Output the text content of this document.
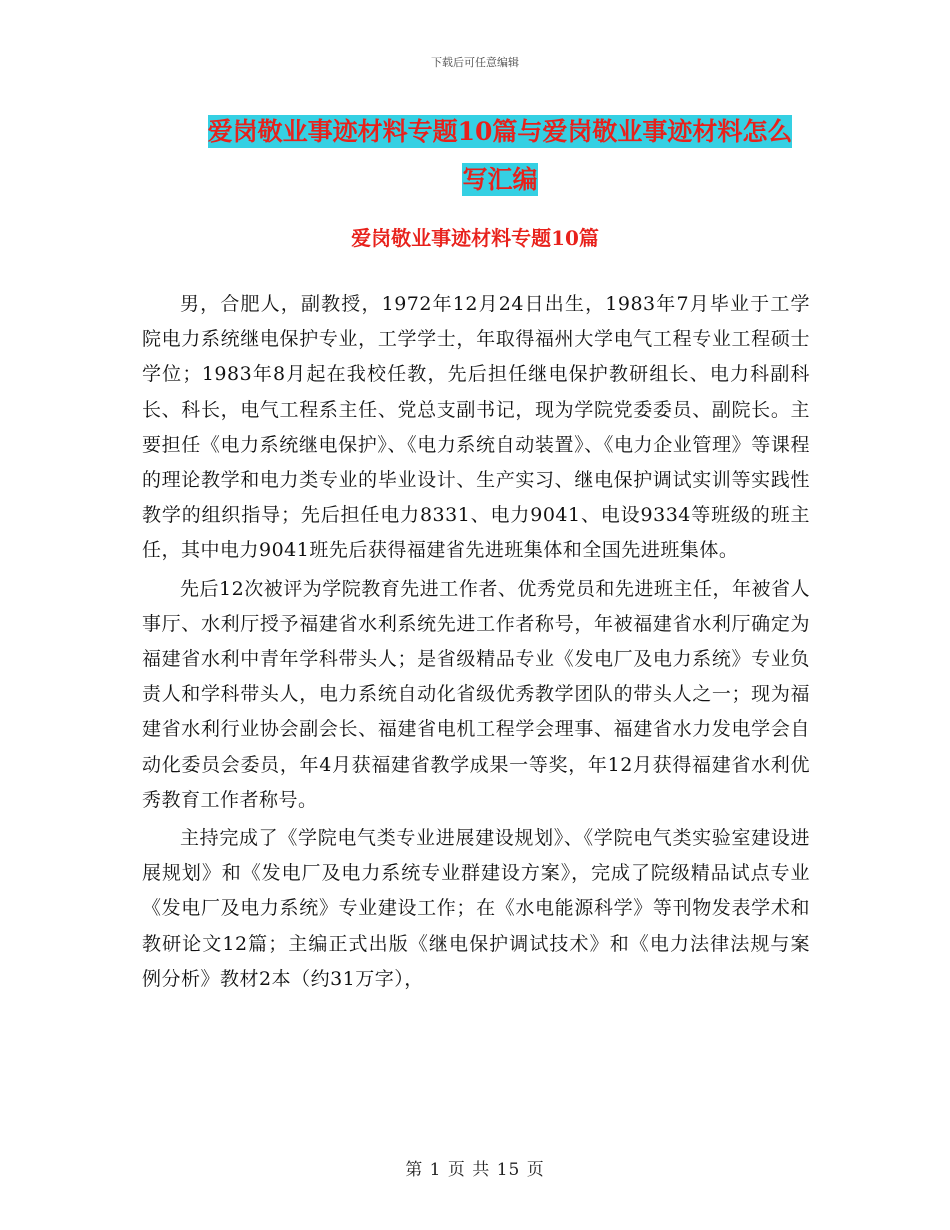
下载后可任意编辑
爱岗敬业事迹材料专题10篇与爱岗敬业事迹材料怎么
写汇编
爱岗敬业事迹材料专题10篇

男，合肥人，副教授，1972年12月24日出生，1983年7月毕业于工学院电力系统继电保护专业，工学学士，年取得福州大学电气工程专业工程硕士学位；1983年8月起在我校任教，先后担任继电保护教研组长、电力科副科长、科长，电气工程系主任、党总支副书记，现为学院党委委员、副院长。主要担任《电力系统继电保护》、《电力系统自动装置》、《电力企业管理》等课程的理论教学和电力类专业的毕业设计、生产实习、继电保护调试实训等实践性教学的组织指导；先后担任电力8331、电力9041、电设9334等班级的班主任，其中电力9041班先后获得福建省先进班集体和全国先进班集体。

先后12次被评为学院教育先进工作者、优秀党员和先进班主任，年被省人事厅、水利厅授予福建省水利系统先进工作者称号，年被福建省水利厅确定为福建省水利中青年学科带头人；是省级精品专业《发电厂及电力系统》专业负责人和学科带头人，电力系统自动化省级优秀教学团队的带头人之一；现为福建省水利行业协会副会长、福建省电机工程学会理事、福建省水力发电学会自动化委员会委员，年4月获福建省教学成果一等奖，年12月获得福建省水利优秀教育工作者称号。

主持完成了《学院电气类专业进展建设规划》、《学院电气类实验室建设进展规划》和《发电厂及电力系统专业群建设方案》，完成了院级精品试点专业《发电厂及电力系统》专业建设工作；在《水电能源科学》等刊物发表学术和教研论文12篇；主编正式出版《继电保护调试技术》和《电力法律法规与案例分析》教材2本（约31万字），

第 1 页 共 15 页
